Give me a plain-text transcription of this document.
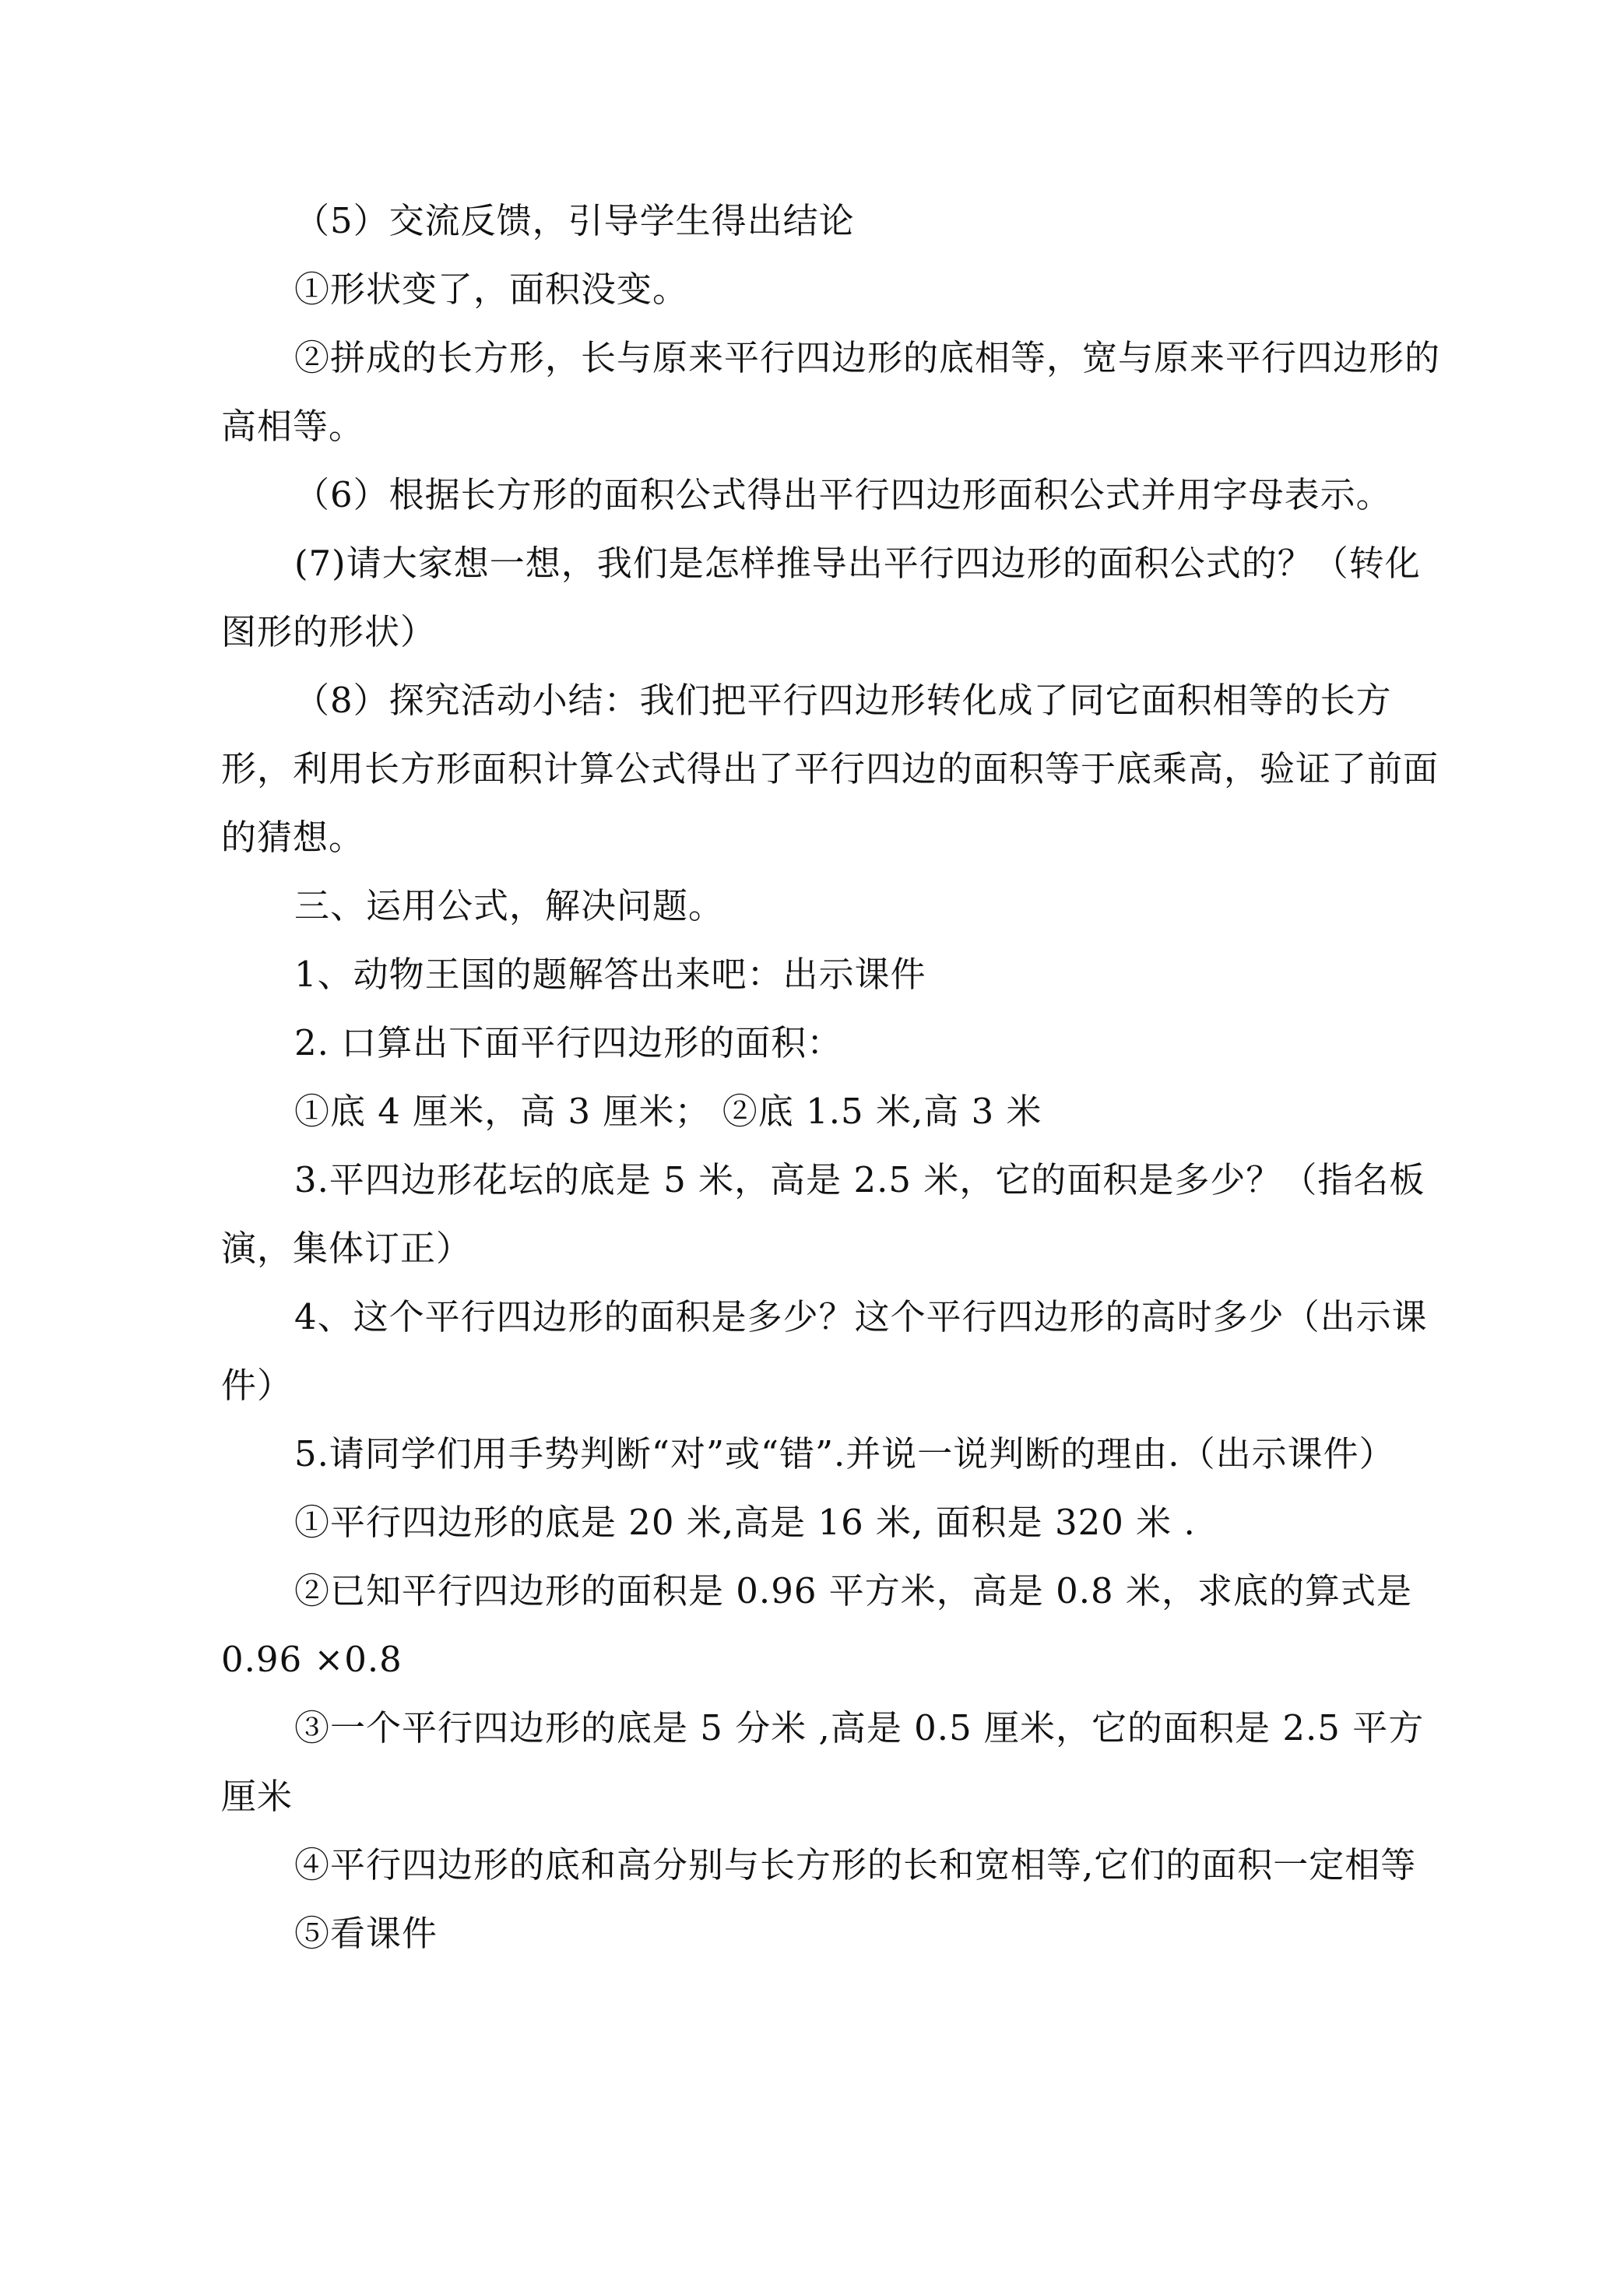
（5）交流反馈，引导学生得出结论

①形状变了，面积没变。

②拼成的长方形，长与原来平行四边形的底相等，宽与原来平行四边形的高相等。

（6）根据长方形的面积公式得出平行四边形面积公式并用字母表示。

(7)请大家想一想，我们是怎样推导出平行四边形的面积公式的？（转化图形的形状）

（8）探究活动小结：我们把平行四边形转化成了同它面积相等的长方形，利用长方形面积计算公式得出了平行四边的面积等于底乘高，验证了前面的猜想。

三、运用公式，解决问题。

1、动物王国的题解答出来吧：出示课件

2. 口算出下面平行四边形的面积：

①底 4 厘米，高 3 厘米； ②底 1.5 米,高 3 米

3.平四边形花坛的底是 5 米，高是 2.5 米，它的面积是多少？（指名板演，集体订正）

4、这个平行四边形的面积是多少？这个平行四边形的高时多少（出示课件）

5.请同学们用手势判断“对”或“错”.并说一说判断的理由.（出示课件）

①平行四边形的底是 20 米,高是 16 米, 面积是 320 米 .

②已知平行四边形的面积是 0.96 平方米，高是 0.8 米，求底的算式是 0.96 ×0.8

③一个平行四边形的底是 5 分米 ,高是 0.5 厘米，它的面积是 2.5 平方厘米

④平行四边形的底和高分别与长方形的长和宽相等,它们的面积一定相等

⑤看课件
